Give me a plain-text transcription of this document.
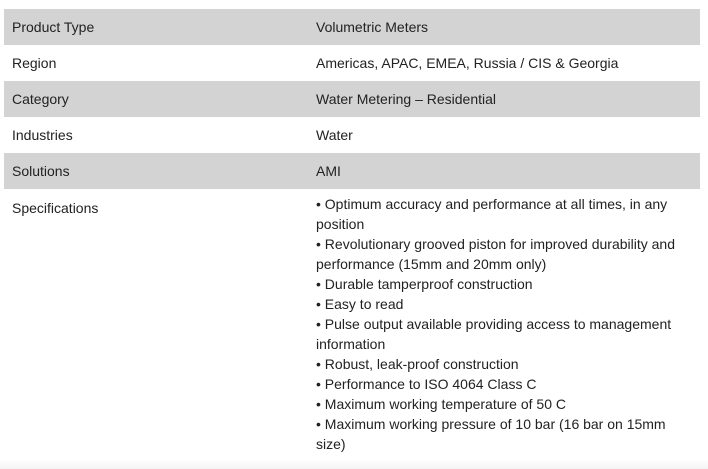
Product Type	Volumetric Meters
Region	Americas, APAC, EMEA, Russia / CIS & Georgia
Category	Water Metering – Residential
Industries	Water
Solutions	AMI
Specifications	• Optimum accuracy and performance at all times, in any position
• Revolutionary grooved piston for improved durability and performance (15mm and 20mm only)
• Durable tamperproof construction
• Easy to read
• Pulse output available providing access to management information
• Robust, leak-proof construction
• Performance to ISO 4064 Class C
• Maximum working temperature of 50 C
• Maximum working pressure of 10 bar (16 bar on 15mm size)
